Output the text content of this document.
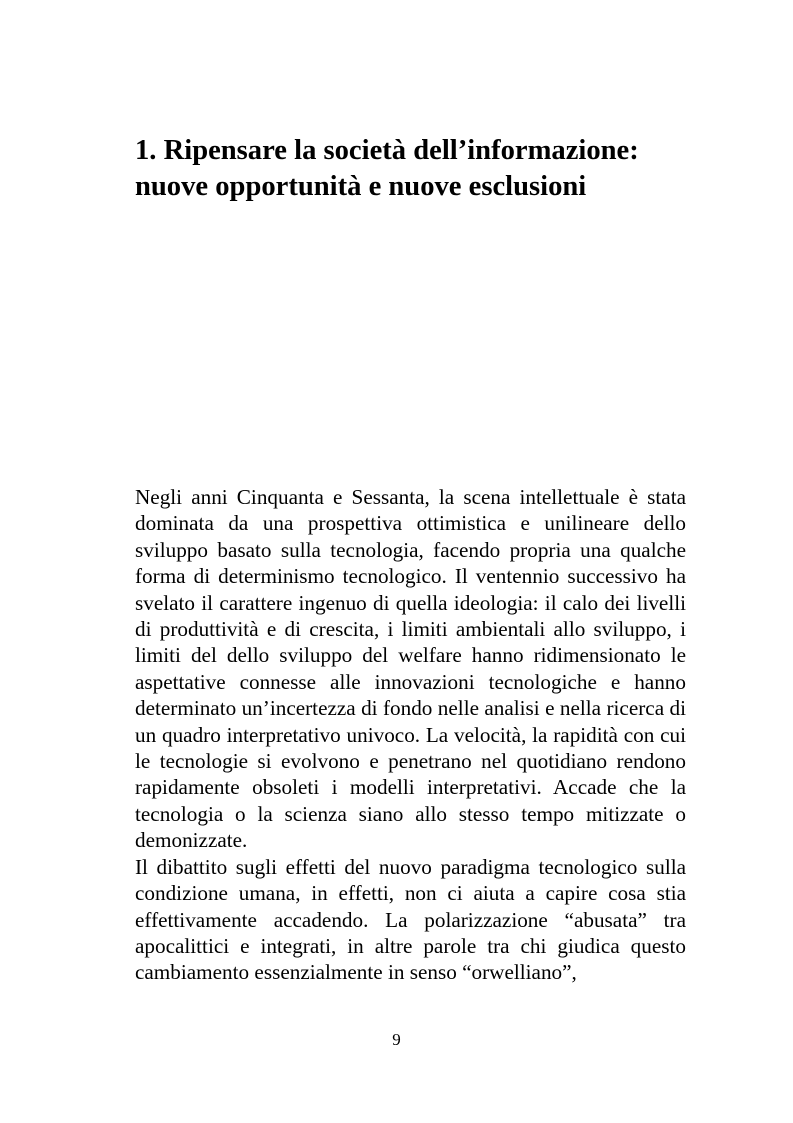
1. Ripensare la società dell’informazione: nuove opportunità e nuove esclusioni

Negli anni Cinquanta e Sessanta, la scena intellettuale è stata dominata da una prospettiva ottimistica e unilineare dello sviluppo basato sulla tecnologia, facendo propria una qualche forma di determinismo tecnologico. Il ventennio successivo ha svelato il carattere ingenuo di quella ideologia: il calo dei livelli di produttività e di crescita, i limiti ambientali allo sviluppo, i limiti del dello sviluppo del welfare hanno ridimensionato le aspettative connesse alle innovazioni tecnologiche e hanno determinato un’incertezza di fondo nelle analisi e nella ricerca di un quadro interpretativo univoco. La velocità, la rapidità con cui le tecnologie si evolvono e penetrano nel quotidiano rendono rapidamente obsoleti i modelli interpretativi. Accade che la tecnologia o la scienza siano allo stesso tempo mitizzate o demonizzate.

Il dibattito sugli effetti del nuovo paradigma tecnologico sulla condizione umana, in effetti, non ci aiuta a capire cosa stia effettivamente accadendo. La polarizzazione “abusata” tra apocalittici e integrati, in altre parole tra chi giudica questo cambiamento essenzialmente in senso “orwelliano”,

9
